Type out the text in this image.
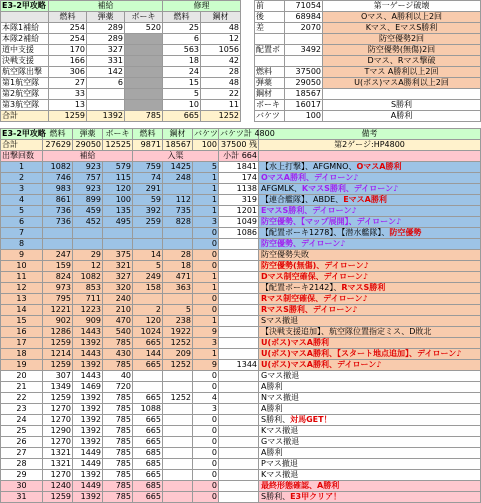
E3-2甲攻略	補給			修理	
	燃料	弾薬	ボーキ	燃料	鋼材
本隊1補給	254	289	520	25	48
本隊2補給	254	289		6	12
道中支援	170	327		563	1056
決戦支援	166	331		18	42
航空隊出撃	306	142		24	28
第1航空隊	27	6		15	48
第2航空隊	33			5	22
第3航空隊	13			10	11
合計	1259	1392	785	665	1252
前	71054	第一ゲージ破壊
後	68984	Oマス、A勝利以上2回
差	2070	Kマス、EマスS勝利
		防空優勢2回
配置ボ	3492	防空優勢(無傷)2回
		Dマス、Rマス撃破
燃料	37500	Tマス A勝利以上2回
弾薬	29050	U(ボス)マスA勝利以上2回
鋼材	18567	
ボーキ	16017	S勝利
バケツ	100	A勝利
E3-2甲攻略	燃料	弾薬	ボーキ	燃料	鋼材	バケツ	バケツ計 4800	備考
合計	27629	29050	12525	9871	18567	100	37500 残	第2ゲージ:HP4800
出撃回数	補給			入渠			小計 664	
1	1082	923	579	759	1425	5	1841	【水上打撃】、AFGMNO、OマスA勝利
2	746	757	115	74	248	1	174	OマスA勝利、デイローン♪
3	983	923	120	291		1	1138	AFGMLK、KマスS勝利、デイローン♪
4	861	899	100	59	112	1	319	【連合艦隊】、ABDE、EマスA勝利
5	736	459	135	392	735	1	1201	EマスS勝利、デイローン♪
6	736	452	495	259	828	3	1049	防空優勢、【マップ展開】、デイローン♪
7						0	1086	【配置ボーキ1278】、【潜水艦隊】、防空優勢
8						0		防空優勢、デイローン♪
9	247	29	375	14	28	0		防空優勢失敗
10	159	12	321	5	18	0		防空優勢(無傷)、デイローン♪
11	824	1082	327	249	471	1		Dマス制空確保、デイローン♪
12	973	853	320	158	363	1		【配置ボーキ2142】、RマスS勝利
13	795	711	240			0		Rマス制空確保、デイローン♪
14	1221	1223	210	2	5	0		RマスS勝利、デイローン♪
15	902	909	470	120	238	1		Sマス撤退
16	1286	1443	540	1024	1922	9		【決戦支援追加】、航空隊位置指定ミス、D敗北
17	1259	1392	785	665	1252	3		U(ボス)マスA勝利
18	1214	1443	430	144	209	1		U(ボス)マスA勝利、【スタート地点追加】、デイローン♪
19	1259	1392	785	665	1252	9	1344	U(ボス)マスA勝利、デイローン♪
20	307	1443	40			0		Gマス撤退
21	1349	1469	720			0		A勝利
22	1259	1392	785	665	1252	4		Nマス撤退
23	1270	1392	785	1088		3		A勝利
24	1270	1392	785	665		0		S勝利、対馬GET！
25	1290	1392	785	665		0		Kマス撤退
26	1270	1392	785	665		0		Gマス撤退
27	1321	1449	785	685		0		A勝利
28	1321	1449	785	685		0		Pマス撤退
29	1270	1392	785	665		0		Kマス撤退
30	1240	1449	785	685		0		最終形態確認、A勝利
31	1259	1392	785	665		0		S勝利、E3甲クリア！
